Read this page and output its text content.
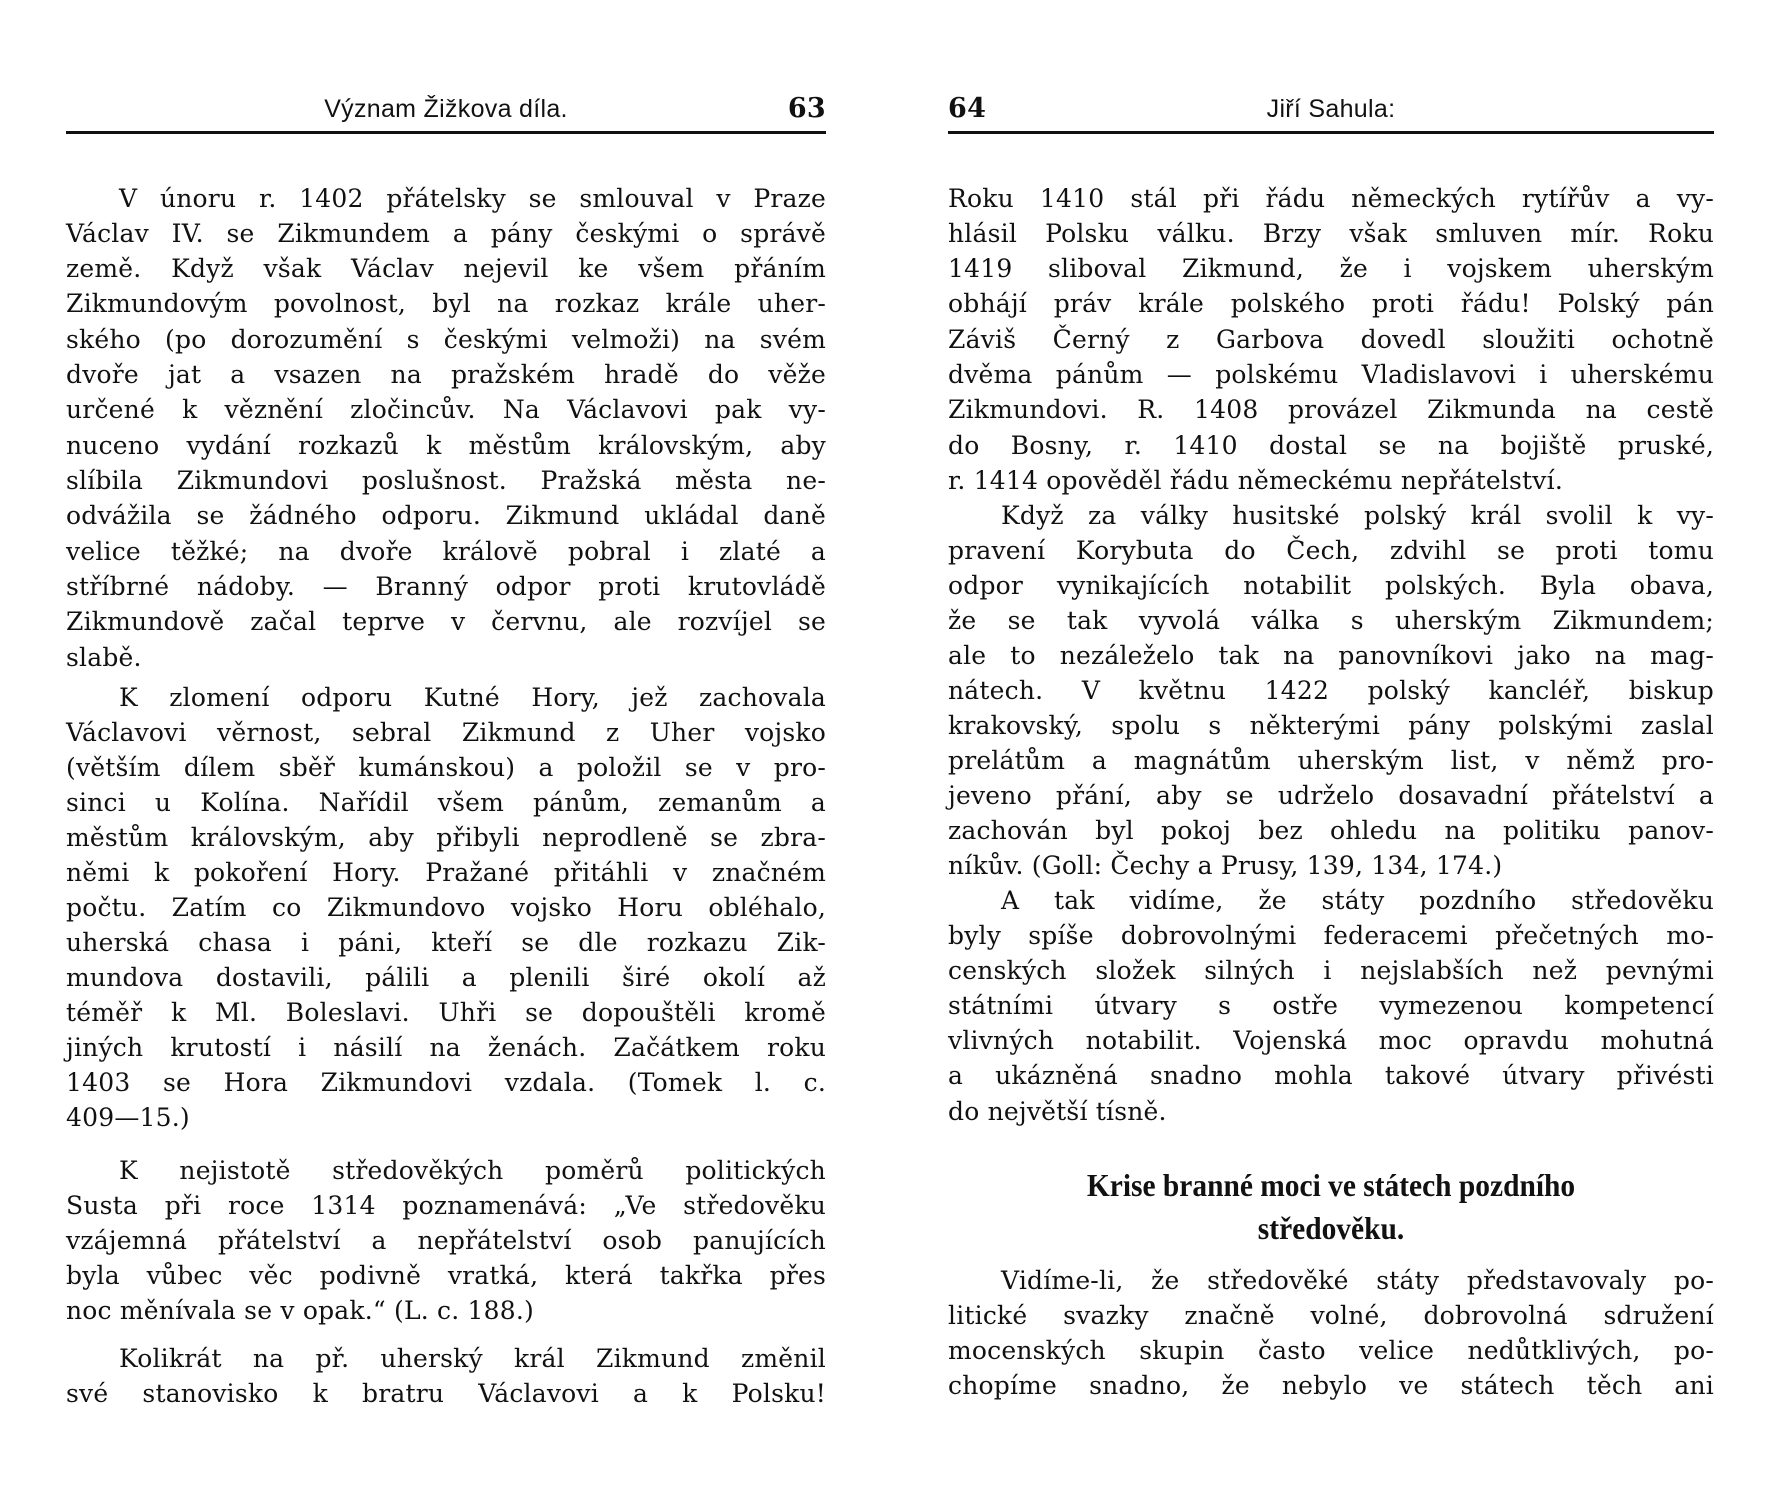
Význam Žižkova díla.	63
V únoru r. 1402 přátelsky se smlouval v Praze
Václav IV. se Zikmundem a pány českými o správě
země. Když však Václav nejevil ke všem přáním
Zikmundovým povolnost, byl na rozkaz krále uher-
ského (po dorozumění s českými velmoži) na svém
dvoře jat a vsazen na pražském hradě do věže
určené k věznění zločincův. Na Václavovi pak vy-
nuceno vydání rozkazů k městům královským, aby
slíbila Zikmundovi poslušnost. Pražská města ne-
odvážila se žádného odporu. Zikmund ukládal daně
velice těžké; na dvoře královĕ pobral i zlaté a
stříbrné nádoby. — Branný odpor proti krutovládě
Zikmundově začal teprve v červnu, ale rozvíjel se
slabě.
K zlomení odporu Kutné Hory, jež zachovala
Václavovi věrnost, sebral Zikmund z Uher vojsko
(větším dílem sběř kumánskou) a položil se v pro-
sinci u Kolína. Nařídil všem pánům, zemanům a
městům královským, aby přibyli neprodleně se zbra-
němi k pokoření Hory. Pražané přitáhli v značném
počtu. Zatím co Zikmundovo vojsko Horu obléhalo,
uherská chasa i páni, kteří se dle rozkazu Zik-
mundova dostavili, pálili a plenili širé okolí až
téměř k Ml. Boleslavi. Uhři se dopouštěli kromě
jiných krutostí i násilí na ženách. Začátkem roku
1403 se Hora Zikmundovi vzdala. (Tomek l. c.
409—15.)
K nejistotě středověkých poměrů politických
Susta při roce 1314 poznamenává: „Ve středověku
vzájemná přátelství a nepřátelství osob panujících
byla vůbec věc podivně vratká, která takřka přes
noc měnívala se v opak.“ (L. c. 188.)
Kolikrát na př. uherský král Zikmund změnil
své stanovisko k bratru Václavovi a k Polsku!
64	Jiří Sahula:
Roku 1410 stál při řádu německých rytířův a vy-
hlásil Polsku válku. Brzy však smluven mír. Roku
1419 sliboval Zikmund, že i vojskem uherským
obhájí práv krále polského proti řádu! Polský pán
Záviš Černý z Garbova dovedl sloužiti ochotně
dvěma pánům — polskému Vladislavovi i uherskému
Zikmundovi. R. 1408 provázel Zikmunda na cestě
do Bosny, r. 1410 dostal se na bojiště pruské,
r. 1414 opověděl řádu německému nepřátelství.
Když za války husitské polský král svolil k vy-
pravení Korybuta do Čech, zdvihl se proti tomu
odpor vynikajících notabilit polských. Byla obava,
že se tak vyvolá válka s uherským Zikmundem;
ale to nezáleželo tak na panovníkovi jako na mag-
nátech. V květnu 1422 polský kancléř, biskup
krakovský, spolu s některými pány polskými zaslal
prelátům a magnátům uherským list, v němž pro-
jeveno přání, aby se udrželo dosavadní přátelství a
zachován byl pokoj bez ohledu na politiku panov-
níkův. (Goll: Čechy a Prusy, 139, 134, 174.)
A tak vidíme, že státy pozdního středověku
byly spíše dobrovolnými federacemi přečetných mo-
cenských složek silných i nejslabších než pevnými
státními útvary s ostře vymezenou kompetencí
vlivných notabilit. Vojenská moc opravdu mohutná
a ukázněná snadno mohla takové útvary přivésti
do největší tísně.
Krise branné moci ve státech pozdního
středověku.
Vidíme-li, že středověké státy představovaly po-
litické svazky značně volné, dobrovolná sdružení
mocenských skupin často velice nedůtklivých, po-
chopíme snadno, že nebylo ve státech těch ani
